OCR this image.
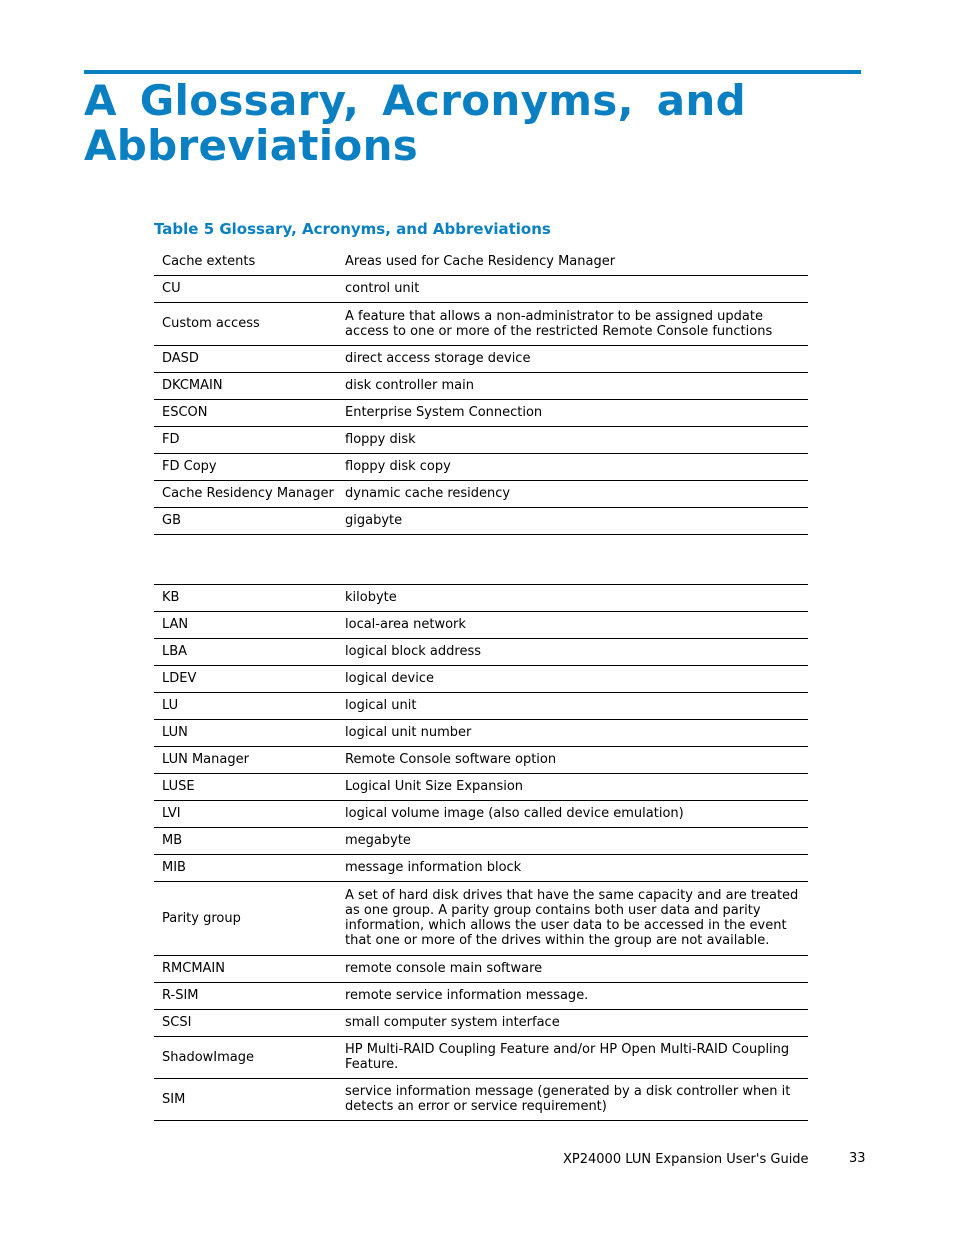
A Glossary, Acronyms, and Abbreviations

Table 5 Glossary, Acronyms, and Abbreviations

Cache extents	Areas used for Cache Residency Manager
CU	control unit
Custom access	A feature that allows a non-administrator to be assigned update access to one or more of the restricted Remote Console functions
DASD	direct access storage device
DKCMAIN	disk controller main
ESCON	Enterprise System Connection
FD	floppy disk
FD Copy	floppy disk copy
Cache Residency Manager	dynamic cache residency
GB	gigabyte

KB	kilobyte
LAN	local-area network
LBA	logical block address
LDEV	logical device
LU	logical unit
LUN	logical unit number
LUN Manager	Remote Console software option
LUSE	Logical Unit Size Expansion
LVI	logical volume image (also called device emulation)
MB	megabyte
MIB	message information block
Parity group	A set of hard disk drives that have the same capacity and are treated as one group. A parity group contains both user data and parity information, which allows the user data to be accessed in the event that one or more of the drives within the group are not available.
RMCMAIN	remote console main software
R-SIM	remote service information message.
SCSI	small computer system interface
ShadowImage	HP Multi-RAID Coupling Feature and/or HP Open Multi-RAID Coupling Feature.
SIM	service information message (generated by a disk controller when it detects an error or service requirement)
XP24000 LUN Expansion User's Guide	33
